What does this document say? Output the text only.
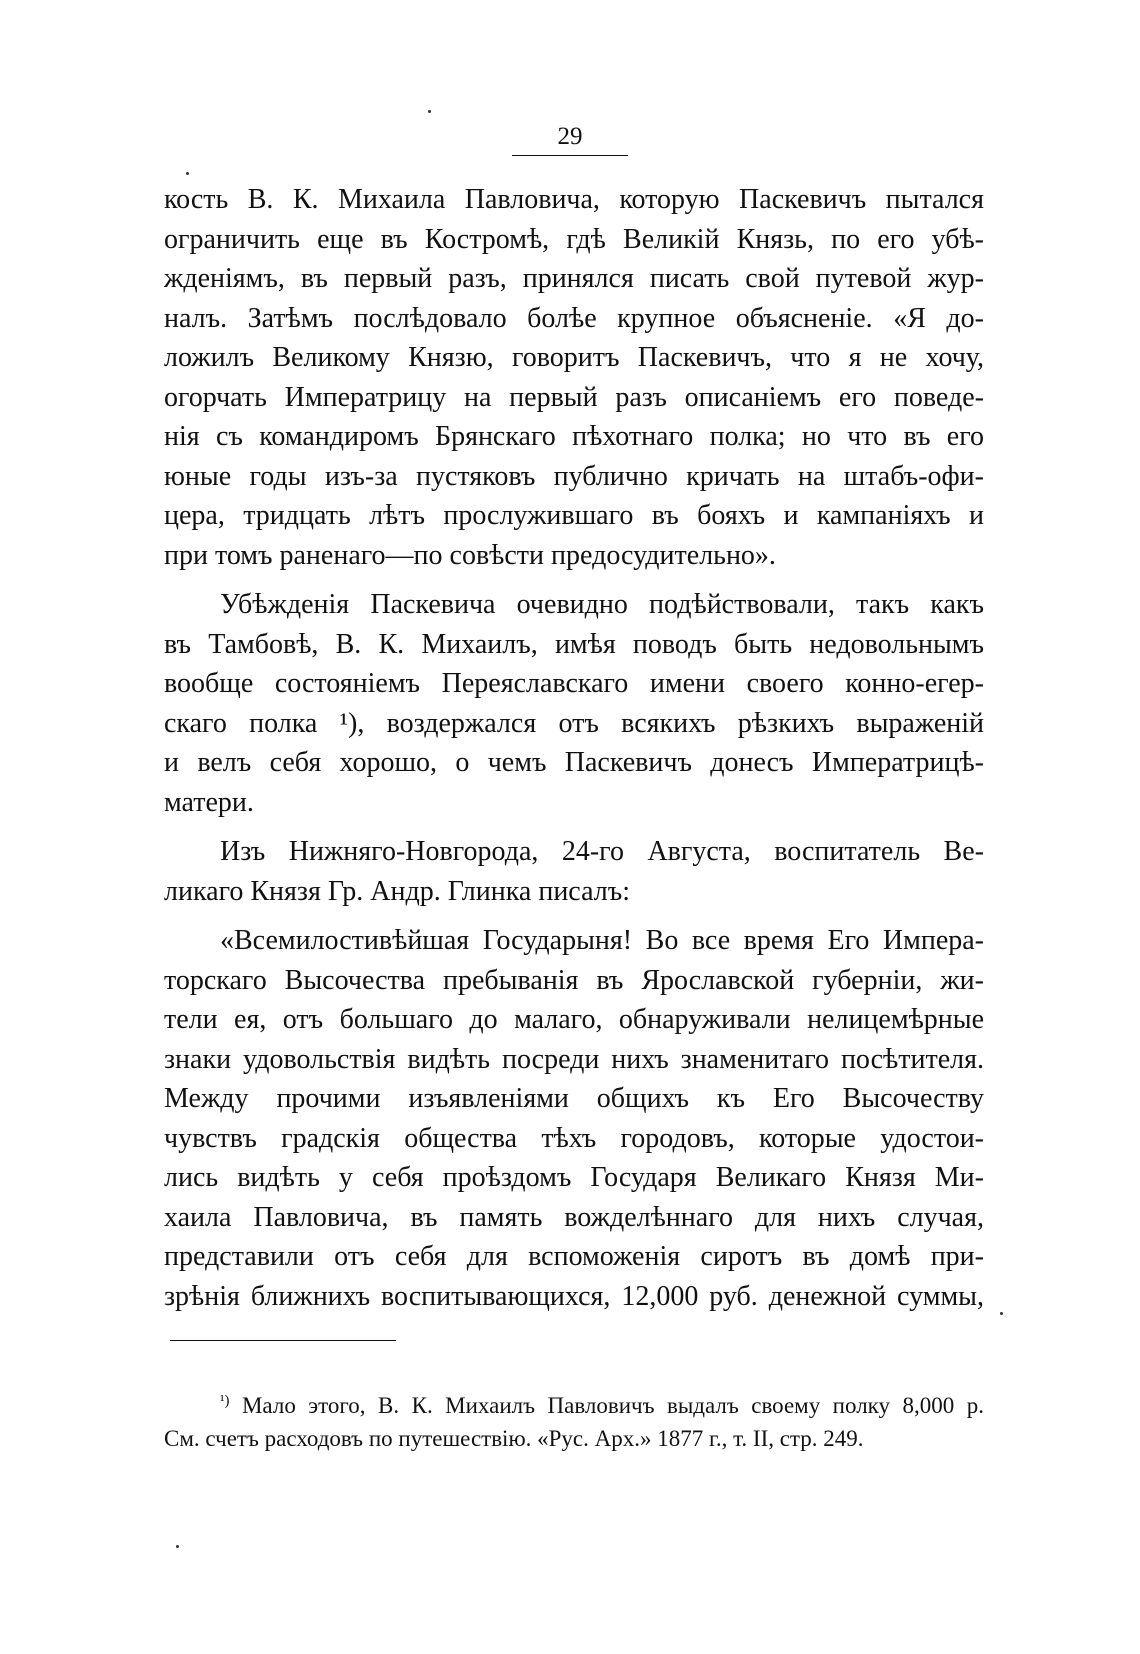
29
кость В. К. Михаила Павловича, которую Паскевичъ пытался
ограничить еще въ Костромѣ, гдѣ Великій Князь, по его убѣ-
жденіямъ, въ первый разъ, принялся писать свой путевой жур-
налъ. Затѣмъ послѣдовало болѣе крупное объясненіе. «Я до-
ложилъ Великому Князю, говоритъ Паскевичъ, что я не хочу,
огорчать Императрицу на первый разъ описаніемъ его поведе-
нія съ командиромъ Брянскаго пѣхотнаго полка; но что въ его
юные годы изъ-за пустяковъ публично кричать на штабъ-офи-
цера, тридцать лѣтъ прослужившаго въ бояхъ и кампаніяхъ и
при томъ раненаго—по совѣсти предосудительно».
Убѣжденія Паскевича очевидно подѣйствовали, такъ какъ
въ Тамбовѣ, В. К. Михаилъ, имѣя поводъ быть недовольнымъ
вообще состояніемъ Переяславскаго имени своего конно-егер-
скаго полка ¹), воздержался отъ всякихъ рѣзкихъ выраженій
и велъ себя хорошо, о чемъ Паскевичъ донесъ Императрицѣ-
матери.
Изъ Нижняго-Новгорода, 24-го Августа, воспитатель Ве-
ликаго Князя Гр. Андр. Глинка писалъ:
«Всемилостивѣйшая Государыня! Во все время Его Импера-
торскаго Высочества пребыванія въ Ярославской губерніи, жи-
тели ея, отъ большаго до малаго, обнаруживали нелицемѣрные
знаки удовольствія видѣть посреди нихъ знаменитаго посѣтителя.
Между прочими изъявленіями общихъ къ Его Высочеству
чувствъ градскія общества тѣхъ городовъ, которые удостои-
лись видѣть у себя проѣздомъ Государя Великаго Князя Ми-
хаила Павловича, въ память вожделѣннаго для нихъ случая,
представили отъ себя для вспоможенія сиротъ въ домѣ при-
зрѣнія ближнихъ воспитывающихся, 12,000 руб. денежной суммы,
$^{^1)}$ Мало этого, В. К. Михаилъ Павловичъ выдалъ своему полку 8,000 р.
См. счетъ расходовъ по путешествію. «Рус. Арх.» 1877 г., т. II, стр. 249.
